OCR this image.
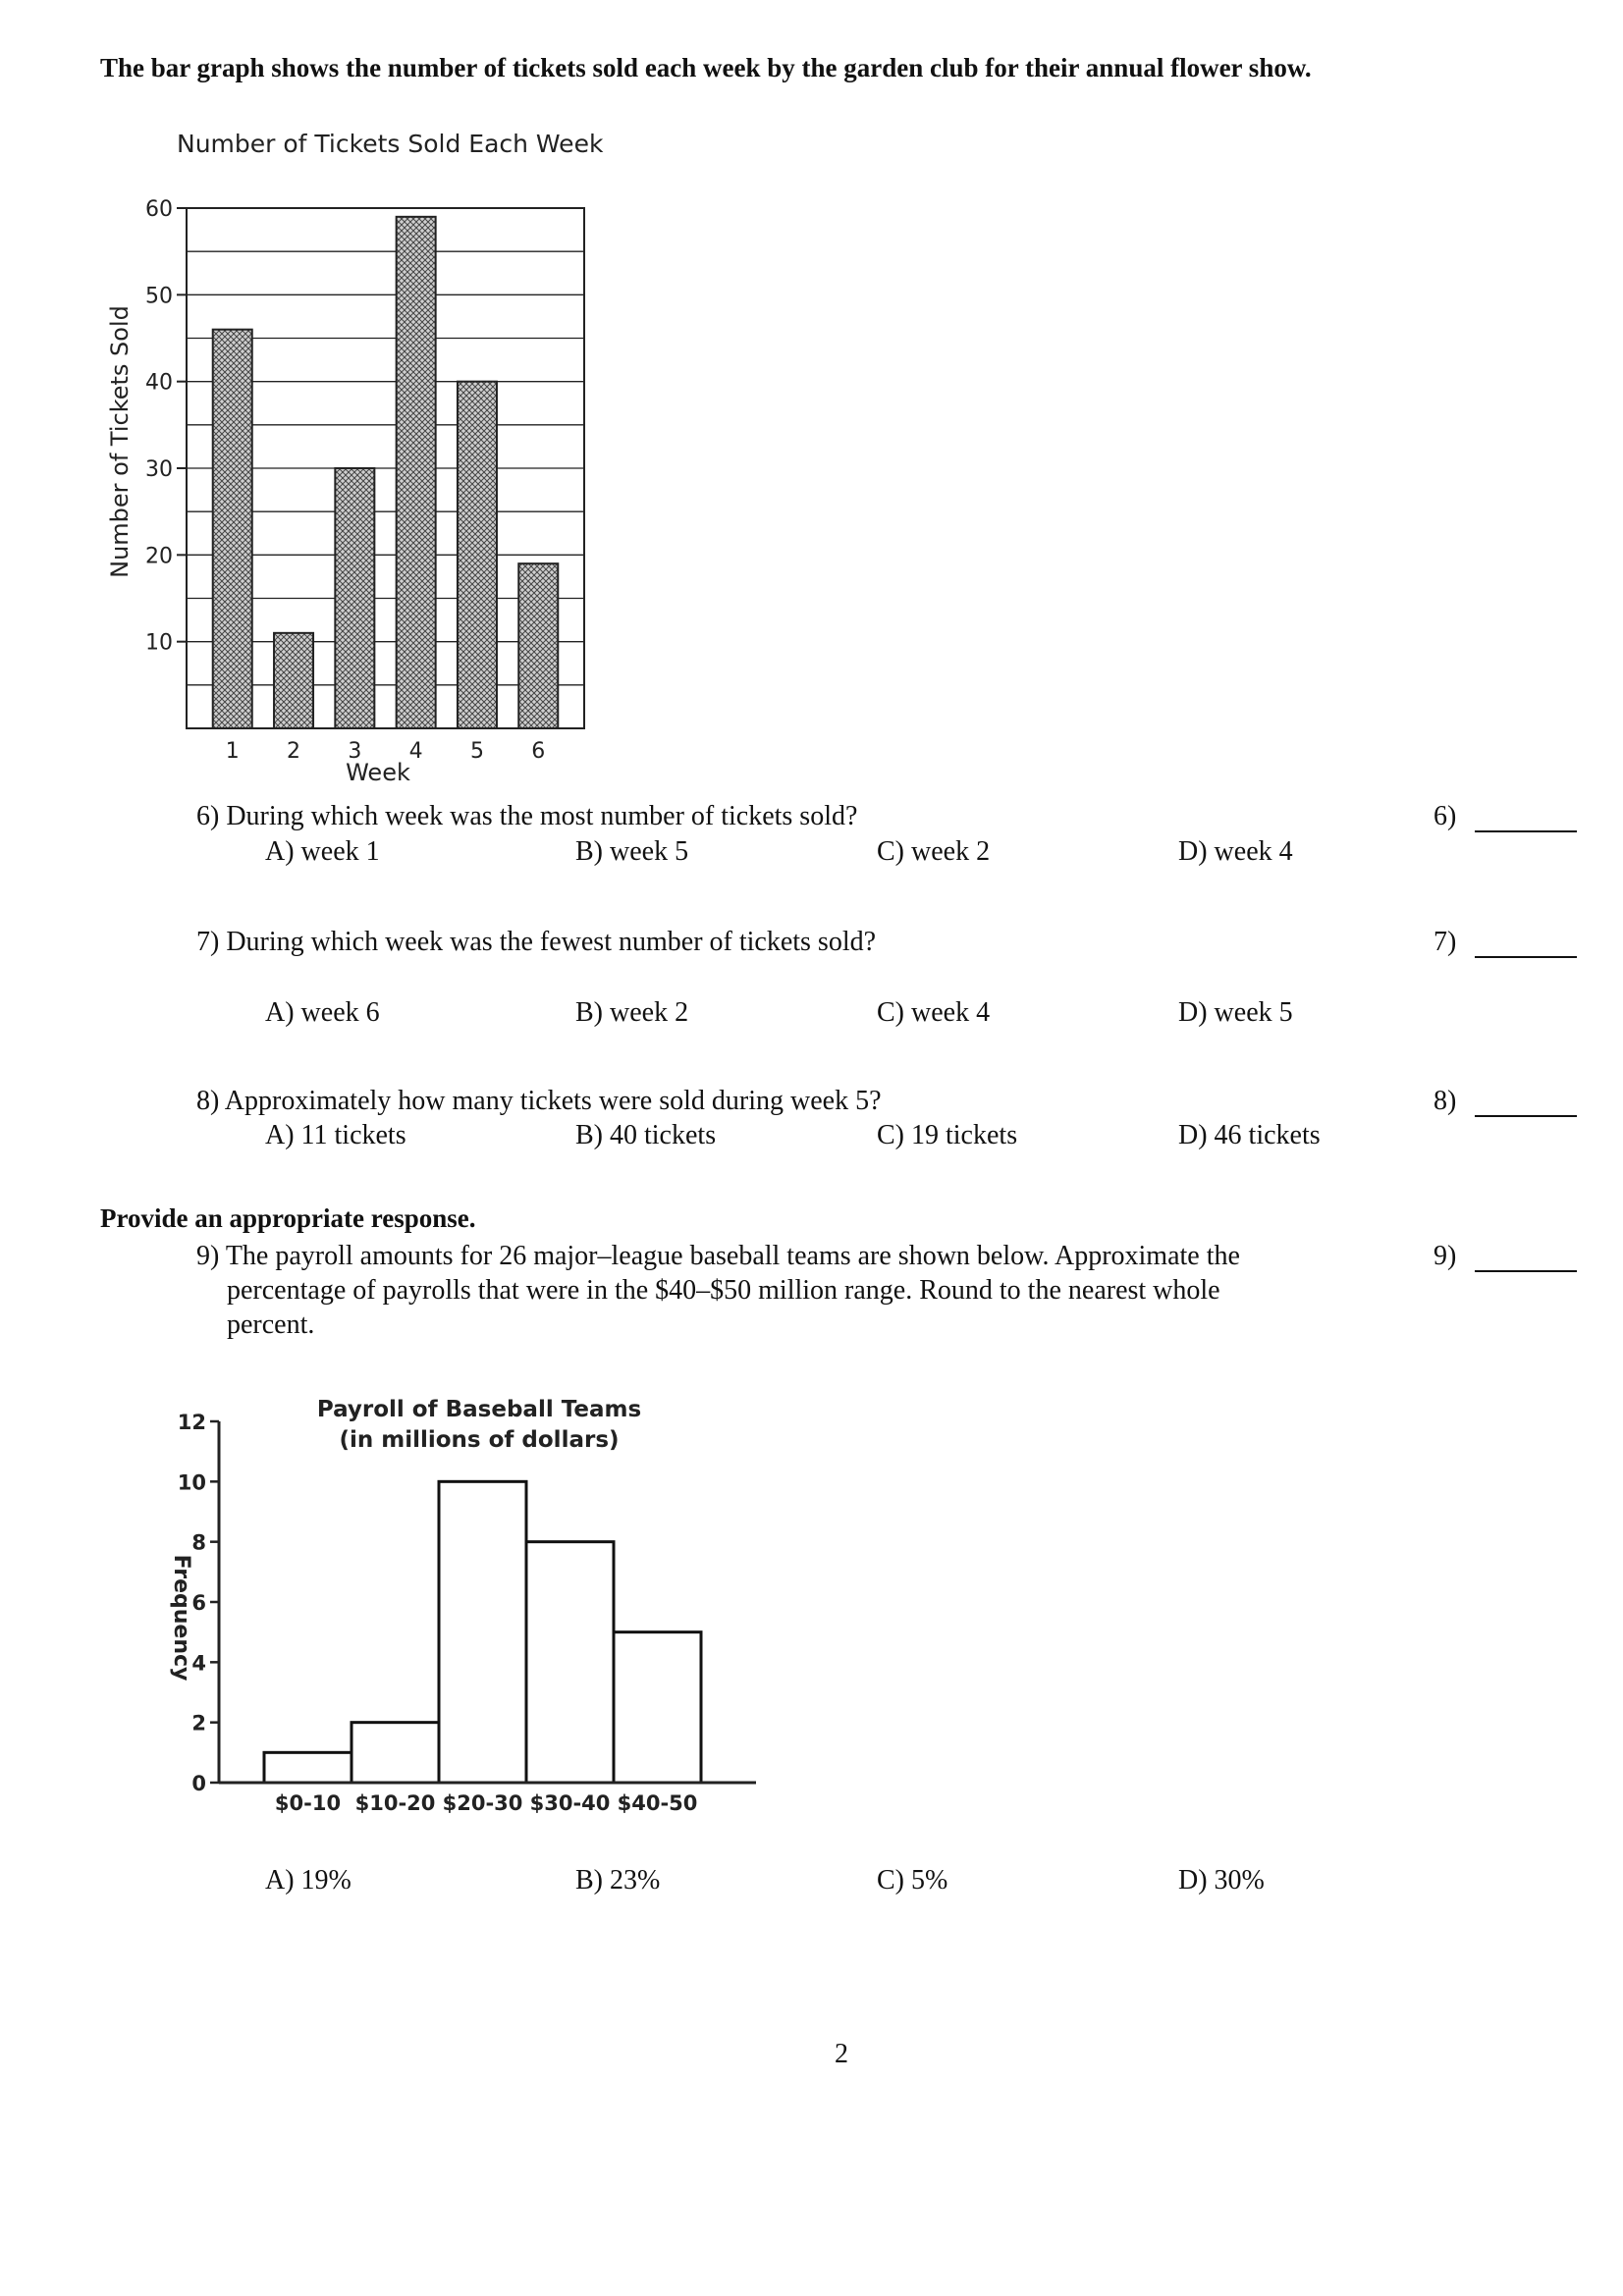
The bar graph shows the number of tickets sold each week by the garden club for their annual flower show.
Number of Tickets Sold Each Week
Number of Tickets Sold
Week
10
20
30
40
50
60
1 2 3 4 5 6
6) During which week was the most number of tickets sold?	6)
A) week 1	B) week 5	C) week 2	D) week 4
7) During which week was the fewest number of tickets sold?	7)
A) week 6	B) week 2	C) week 4	D) week 5
8) Approximately how many tickets were sold during week 5?	8)
A) 11 tickets	B) 40 tickets	C) 19 tickets	D) 46 tickets
Provide an appropriate response.
9) The payroll amounts for 26 major–league baseball teams are shown below. Approximate the
percentage of payrolls that were in the $40–$50 million range. Round to the nearest whole
percent.
9)
Payroll of Baseball Teams
(in millions of dollars)
Frequency
0
2
4
6
8
10
12
$0-10 $10-20 $20-30 $30-40 $40-50
A) 19%	B) 23%	C) 5%	D) 30%
2
